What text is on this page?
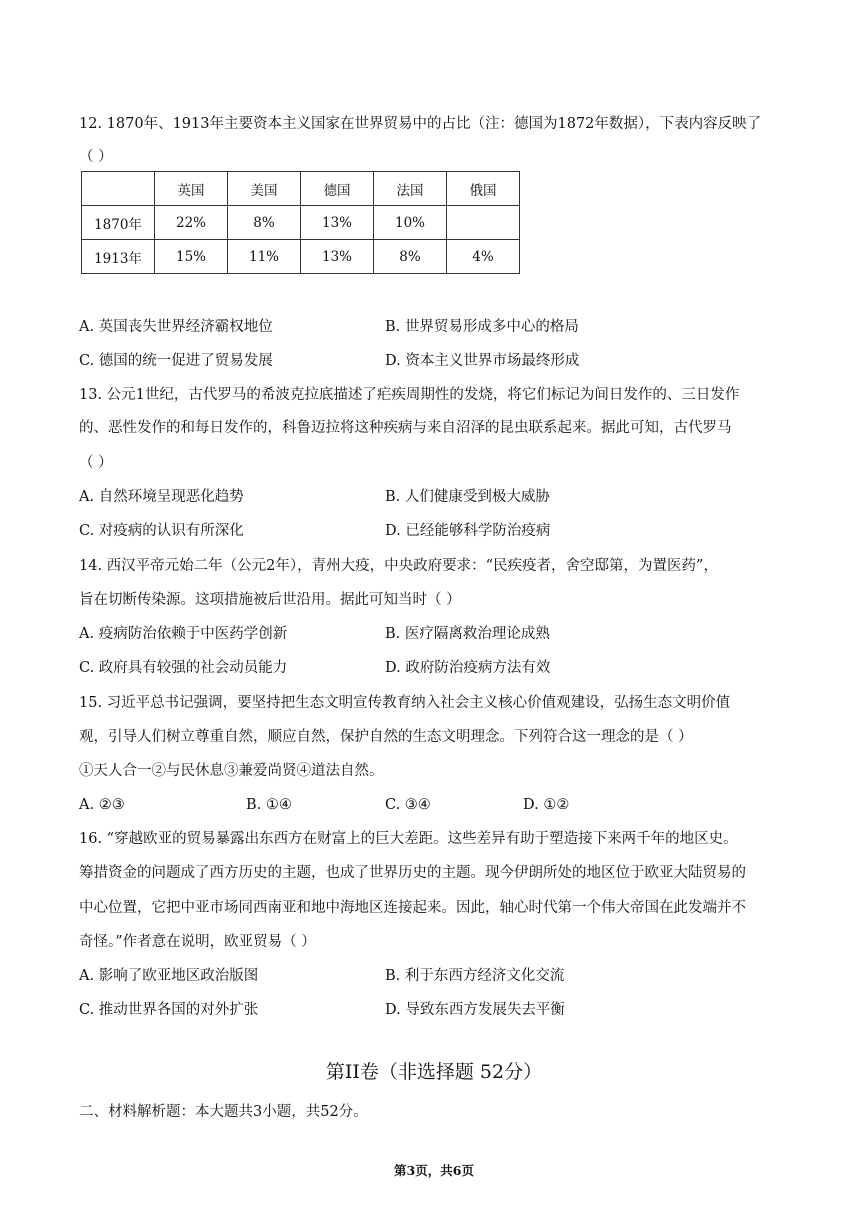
12. 1870年、1913年主要资本主义国家在世界贸易中的占比（注：德国为1872年数据），下表内容反映了
（ ）
	英国	美国	德国	法国	俄国
1870年	22%	8%	13%	10%	
1913年	15%	11%	13%	8%	4%
A. 英国丧失世界经济霸权地位	B. 世界贸易形成多中心的格局
C. 德国的统一促进了贸易发展	D. 资本主义世界市场最终形成
13. 公元1世纪，古代罗马的希波克拉底描述了疟疾周期性的发烧，将它们标记为间日发作的、三日发作
的、恶性发作的和每日发作的，科鲁迈拉将这种疾病与来自沼泽的昆虫联系起来。据此可知，古代罗马
（ ）
A. 自然环境呈现恶化趋势	B. 人们健康受到极大威胁
C. 对疫病的认识有所深化	D. 已经能够科学防治疫病
14. 西汉平帝元始二年（公元2年），青州大疫，中央政府要求：“民疾疫者，舍空邸第，为置医药”，
旨在切断传染源。这项措施被后世沿用。据此可知当时（ ）
A. 疫病防治依赖于中医药学创新	B. 医疗隔离救治理论成熟
C. 政府具有较强的社会动员能力	D. 政府防治疫病方法有效
15. 习近平总书记强调，要坚持把生态文明宣传教育纳入社会主义核心价值观建设，弘扬生态文明价值
观，引导人们树立尊重自然，顺应自然，保护自然的生态文明理念。下列符合这一理念的是（ ）
①天人合一②与民休息③兼爱尚贤④道法自然。
A. ②③	B. ①④	C. ③④	D. ①②
16. “穿越欧亚的贸易暴露出东西方在财富上的巨大差距。这些差异有助于塑造接下来两千年的地区史。
筹措资金的问题成了西方历史的主题，也成了世界历史的主题。现今伊朗所处的地区位于欧亚大陆贸易的
中心位置，它把中亚市场同西南亚和地中海地区连接起来。因此，轴心时代第一个伟大帝国在此发端并不
奇怪。”作者意在说明，欧亚贸易（ ）
A. 影响了欧亚地区政治版图	B. 利于东西方经济文化交流
C. 推动世界各国的对外扩张	D. 导致东西方发展失去平衡
第II卷（非选择题 52分）
二、材料解析题：本大题共3小题，共52分。
第3页，共6页
